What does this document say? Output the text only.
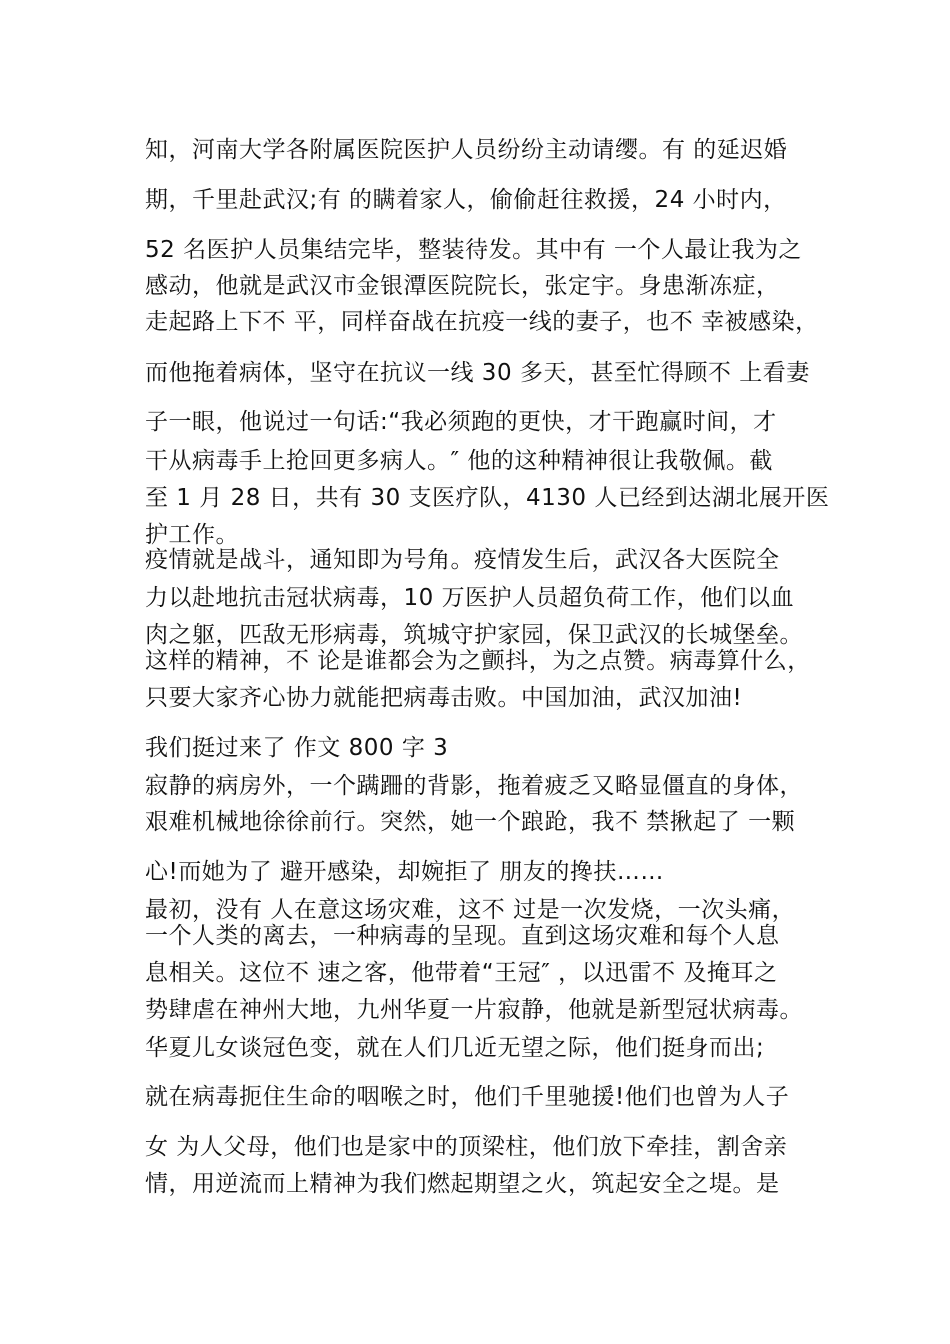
知，河南大学各附属医院医护人员纷纷主动请缨。有 的延迟婚
期，千里赴武汉;有 的瞒着家人，偷偷赶往救援，24 小时内，
52 名医护人员集结完毕，整装待发。其中有 一个人最让我为之
感动，他就是武汉市金银潭医院院长，张定宇。身患渐冻症，
走起路上下不 平，同样奋战在抗疫一线的妻子，也不 幸被感染，
而他拖着病体，坚守在抗议一线 30 多天，甚至忙得顾不 上看妻
子一眼，他说过一句话:“我必须跑的更快，才干跑赢时间，才
干从病毒手上抢回更多病人。″ 他的这种精神很让我敬佩。截
至 1 月 28 日，共有 30 支医疗队，4130 人已经到达湖北展开医
护工作。
疫情就是战斗，通知即为号角。疫情发生后，武汉各大医院全
力以赴地抗击冠状病毒，10 万医护人员超负荷工作，他们以血
肉之躯，匹敌无形病毒，筑城守护家园，保卫武汉的长城堡垒。
这样的精神，不 论是谁都会为之颤抖，为之点赞。病毒算什么，
只要大家齐心协力就能把病毒击败。中国加油，武汉加油!
我们挺过来了 作文 800 字 3
寂静的病房外，一个蹒跚的背影，拖着疲乏又略显僵直的身体，
艰难机械地徐徐前行。突然，她一个踉跄，我不 禁揪起了 一颗
心!而她为了 避开感染，却婉拒了 朋友的搀扶……
最初，没有 人在意这场灾难，这不 过是一次发烧，一次头痛，
一个人类的离去，一种病毒的呈现。直到这场灾难和每个人息
息相关。这位不 速之客，他带着“王冠″ ，以迅雷不 及掩耳之
势肆虐在神州大地，九州华夏一片寂静，他就是新型冠状病毒。
华夏儿女谈冠色变，就在人们几近无望之际，他们挺身而出;
就在病毒扼住生命的咽喉之时，他们千里驰援!他们也曾为人子
女 为人父母，他们也是家中的顶梁柱，他们放下牵挂，割舍亲
情，用逆流而上精神为我们燃起期望之火，筑起安全之堤。是
